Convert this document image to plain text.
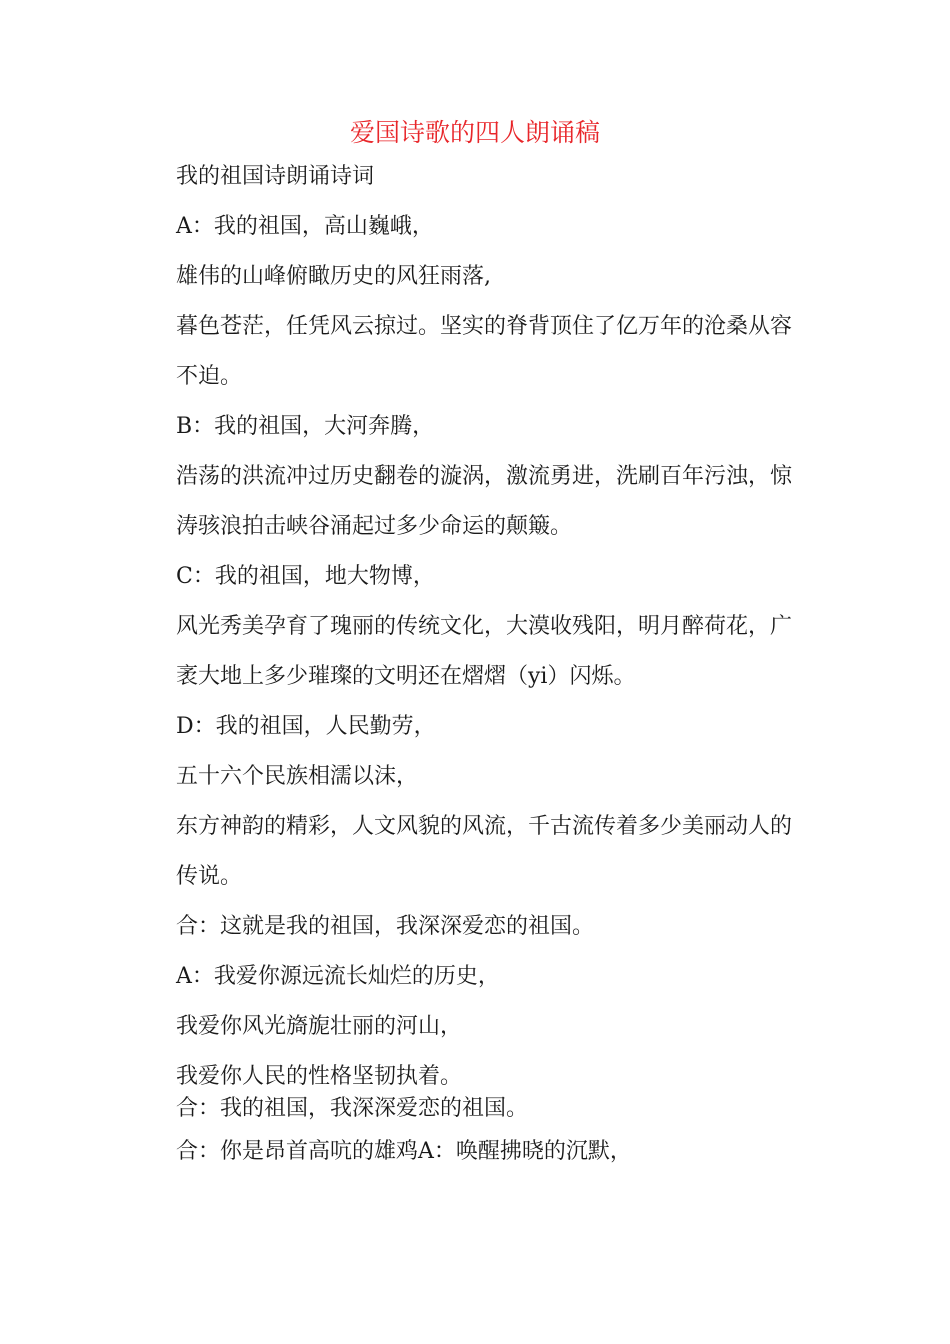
爱国诗歌的四人朗诵稿
我的祖国诗朗诵诗词
A：我的祖国，高山巍峨，
雄伟的山峰俯瞰历史的风狂雨落,
暮色苍茫，任凭风云掠过。坚实的脊背顶住了亿万年的沧桑从容
不迫。
B：我的祖国，大河奔腾，
浩荡的洪流冲过历史翻卷的漩涡，激流勇进，洗刷百年污浊，惊
涛骇浪拍击峡谷涌起过多少命运的颠簸。
C：我的祖国，地大物博，
风光秀美孕育了瑰丽的传统文化，大漠收残阳，明月醉荷花，广
袤大地上多少璀璨的文明还在熠熠（yi）闪烁。
D：我的祖国，人民勤劳，
五十六个民族相濡以沫，
东方神韵的精彩，人文风貌的风流，千古流传着多少美丽动人的
传说。
合：这就是我的祖国，我深深爱恋的祖国。
A：我爱你源远流长灿烂的历史，
我爱你风光旖旎壮丽的河山，
我爱你人民的性格坚韧执着。
合：我的祖国，我深深爱恋的祖国。
合：你是昂首高吭的雄鸡A：唤醒拂晓的沉默，
